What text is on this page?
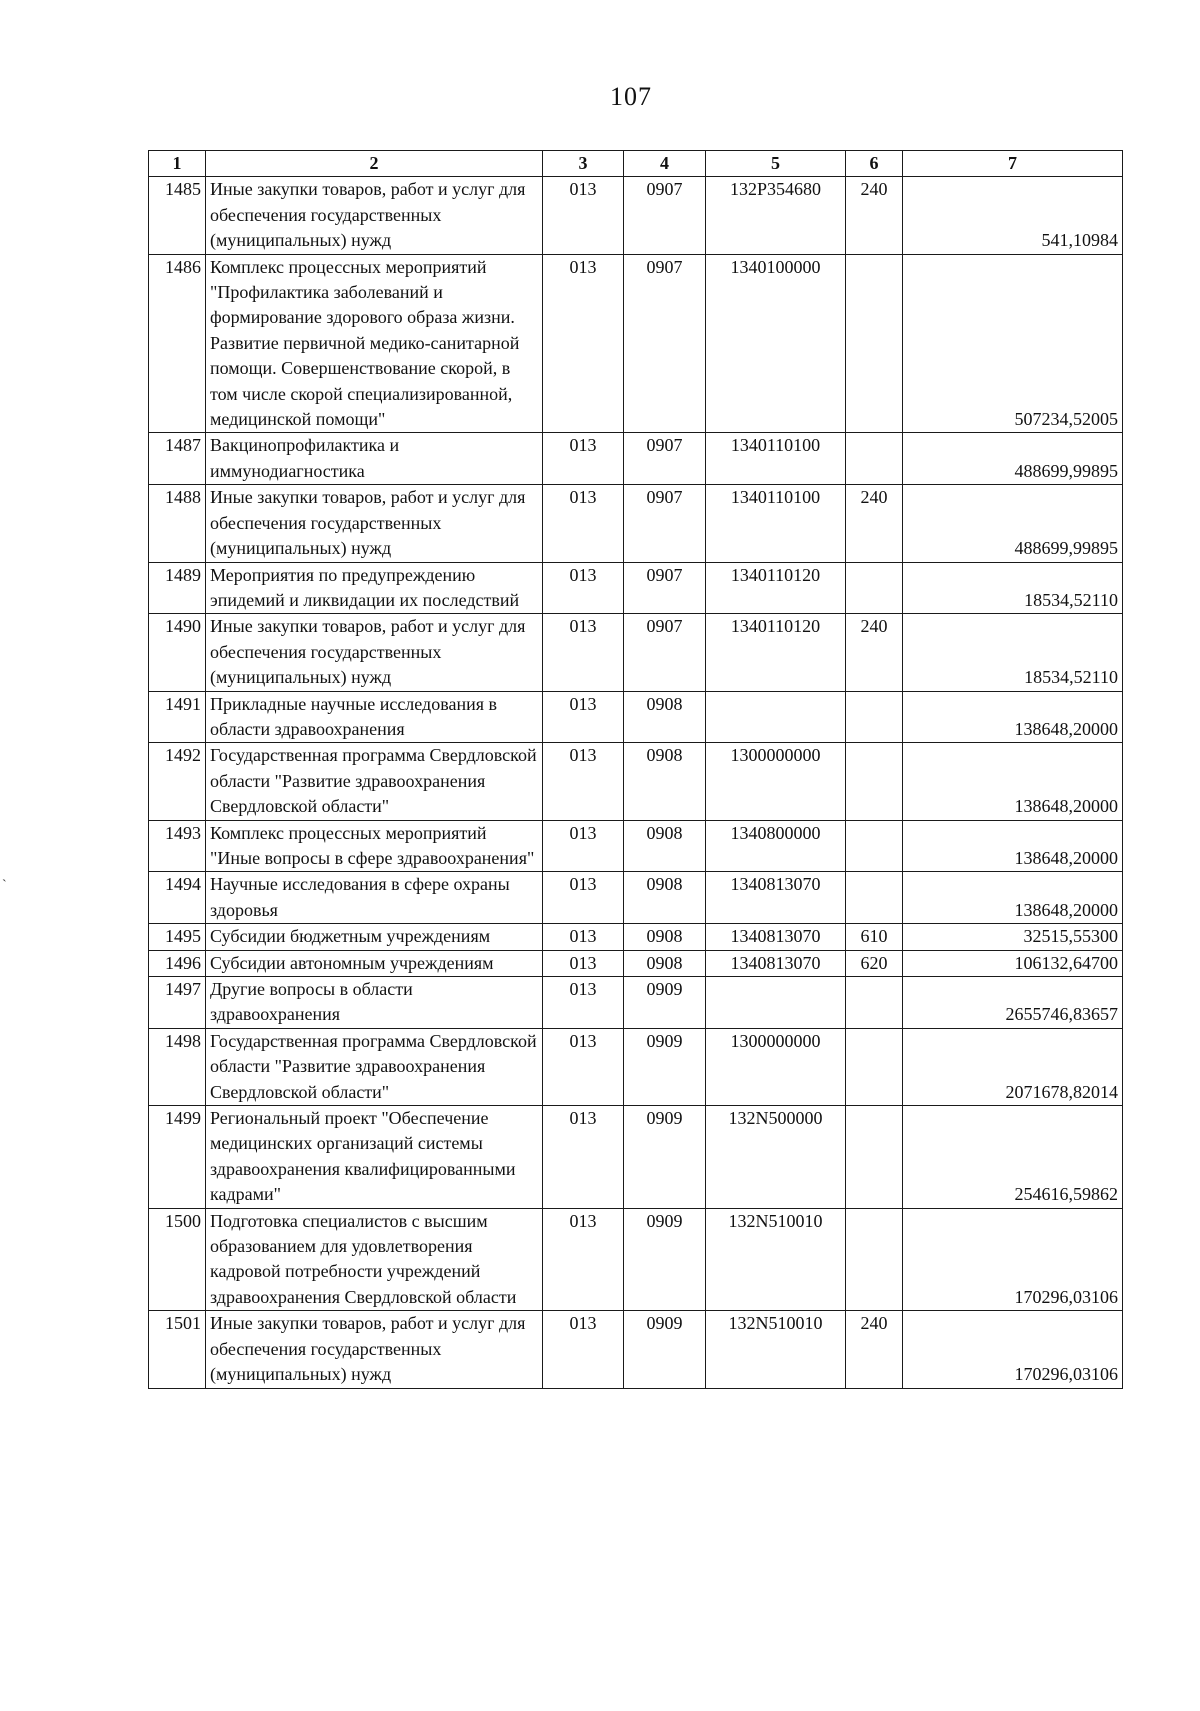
107
`
1	2	3	4	5	6	7
1485	Иные закупки товаров, работ и услуг для обеспечения государственных (муниципальных) нужд	013	0907	132P354680	240	541,10984
1486	Комплекс процессных мероприятий "Профилактика заболеваний и формирование здорового образа жизни. Развитие первичной медико-санитарной помощи. Совершенствование скорой, в том числе скорой специализированной, медицинской помощи"	013	0907	1340100000		507234,52005
1487	Вакцинопрофилактика и иммунодиагностика	013	0907	1340110100		488699,99895
1488	Иные закупки товаров, работ и услуг для обеспечения государственных (муниципальных) нужд	013	0907	1340110100	240	488699,99895
1489	Мероприятия по предупреждению эпидемий и ликвидации их последствий	013	0907	1340110120		18534,52110
1490	Иные закупки товаров, работ и услуг для обеспечения государственных (муниципальных) нужд	013	0907	1340110120	240	18534,52110
1491	Прикладные научные исследования в области здравоохранения	013	0908			138648,20000
1492	Государственная программа Свердловской области "Развитие здравоохранения Свердловской области"	013	0908	1300000000		138648,20000
1493	Комплекс процессных мероприятий "Иные вопросы в сфере здравоохранения"	013	0908	1340800000		138648,20000
1494	Научные исследования в сфере охраны здоровья	013	0908	1340813070		138648,20000
1495	Субсидии бюджетным учреждениям	013	0908	1340813070	610	32515,55300
1496	Субсидии автономным учреждениям	013	0908	1340813070	620	106132,64700
1497	Другие вопросы в области здравоохранения	013	0909			2655746,83657
1498	Государственная программа Свердловской области "Развитие здравоохранения Свердловской области"	013	0909	1300000000		2071678,82014
1499	Региональный проект "Обеспечение медицинских организаций системы здравоохранения квалифицированными кадрами"	013	0909	132N500000		254616,59862
1500	Подготовка специалистов с высшим образованием для удовлетворения кадровой потребности учреждений здравоохранения Свердловской области	013	0909	132N510010		170296,03106
1501	Иные закупки товаров, работ и услуг для обеспечения государственных (муниципальных) нужд	013	0909	132N510010	240	170296,03106
